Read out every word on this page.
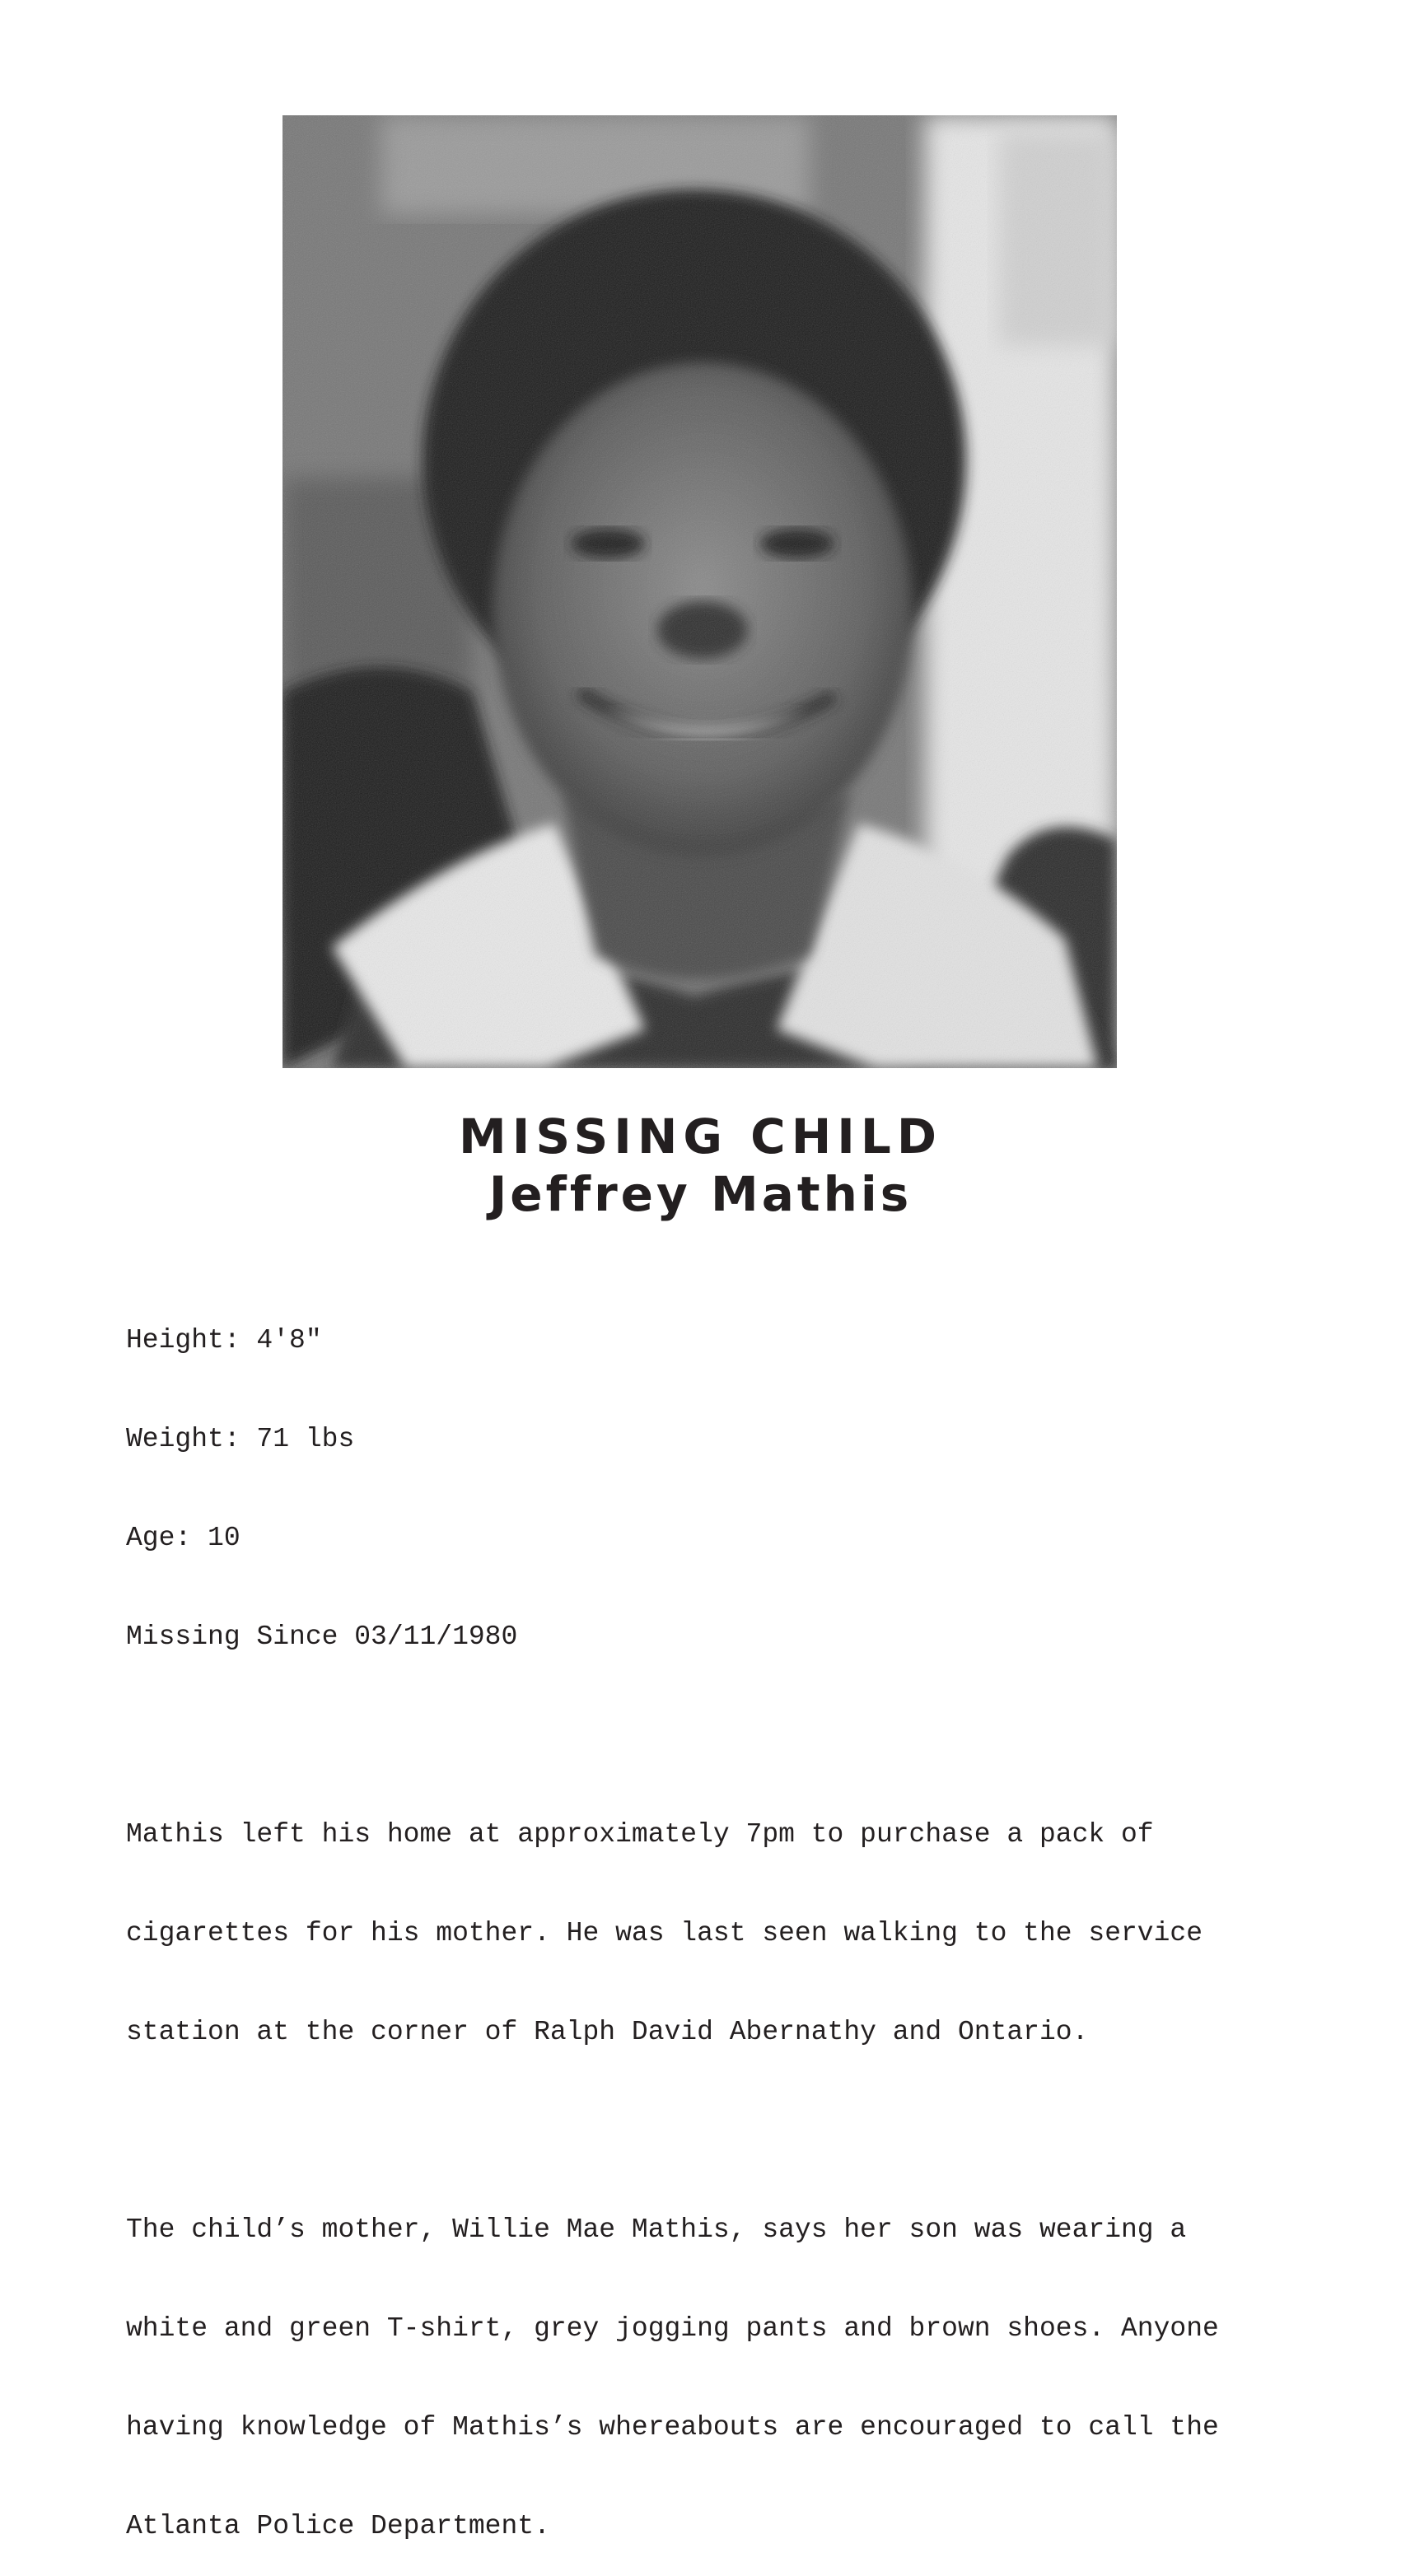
MISSING CHILD

Jeffrey Mathis

Height: 4'8"

Weight: 71 lbs

Age: 10

Missing Since 03/11/1980

Mathis left his home at approximately 7pm to purchase a pack of

cigarettes for his mother. He was last seen walking to the service

station at the corner of Ralph David Abernathy and Ontario.

The child’s mother, Willie Mae Mathis, says her son was wearing a

white and green T-shirt, grey jogging pants and brown shoes. Anyone

having knowledge of Mathis’s whereabouts are encouraged to call the

Atlanta Police Department.
